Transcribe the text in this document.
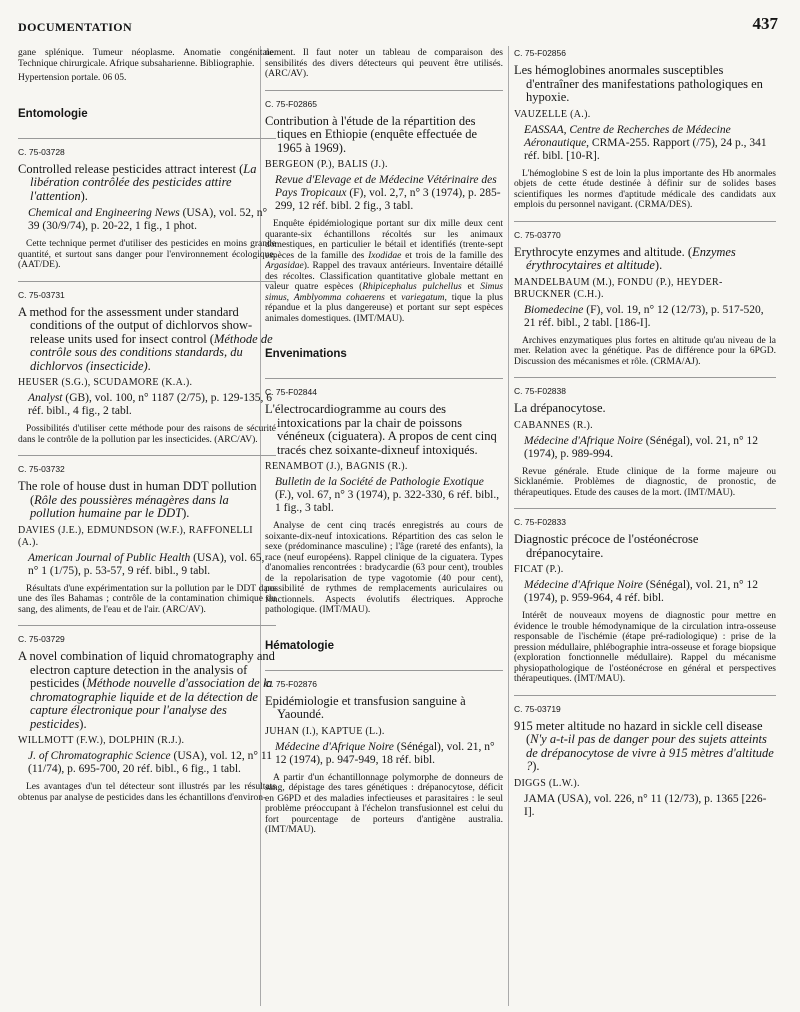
DOCUMENTATION	437

gane splénique. Tumeur néoplasme. Anomatie congénitale. Technique chirurgicale. Afrique subsaharienne. Bibliographie.

Hypertension portale. 06 05.

Entomologie
C. 75-03728
Controlled release pesticides attract interest (La libération contrôlée des pesticides attire l'attention).
Chemical and Engineering News (USA), vol. 52, n° 39 (30/9/74), p. 20-22, 1 fig., 1 phot.

Cette technique permet d'utiliser des pesticides en moins grande quantité, et surtout sans danger pour l'environnement écologique. (AAT/DE).

C. 75-03731
A method for the assessment under standard conditions of the output of dichlorvos show-release units used for insect control (Méthode de contrôle sous des conditions standards, du dichlorvos (insecticide).
HEUSER (S.G.), SCUDAMORE (K.A.).
Analyst (GB), vol. 100, n° 1187 (2/75), p. 129-135, 6 réf. bibl., 4 fig., 2 tabl.

Possibilités d'utiliser cette méthode pour des raisons de sécurité dans le contrôle de la pollution par les insecticides. (ARC/AV).

C. 75-03732
The role of house dust in human DDT pollution (Rôle des poussières ménagères dans la pollution humaine par le DDT).
DAVIES (J.E.), EDMUNDSON (W.F.), RAFFONELLI (A.).
American Journal of Public Health (USA), vol. 65, n° 1 (1/75), p. 53-57, 9 réf. bibl., 9 tabl.

Résultats d'une expérimentation sur la pollution par le DDT dans une des îles Bahamas ; contrôle de la contamination chimique du sang, des aliments, de l'eau et de l'air. (ARC/AV).

C. 75-03729
A novel combination of liquid chromatography and electron capture detection in the analysis of pesticides (Méthode nouvelle d'association de la chromatographie liquide et de la détection de capture électronique pour l'analyse des pesticides).
WILLMOTT (F.W.), DOLPHIN (R.J.).
J. of Chromatographic Science (USA), vol. 12, n° 11 (11/74), p. 695-700, 20 réf. bibl., 6 fig., 1 tabl.

Les avantages d'un tel détecteur sont illustrés par les résultats obtenus par analyse de pesticides dans les échantillons d'environ-

nement. Il faut noter un tableau de comparaison des sensibilités des divers détecteurs qui peuvent être utilisés. (ARC/AV).

C. 75-F02865
Contribution à l'étude de la répartition des tiques en Ethiopie (enquête effectuée de 1965 à 1969).
BERGEON (P.), BALIS (J.).
Revue d'Elevage et de Médecine Vétérinaire des Pays Tropicaux (F), vol. 2,7, n° 3 (1974), p. 285-299, 12 réf. bibl. 2 fig., 3 tabl.

Enquête épidémiologique portant sur dix mille deux cent quarante-six échantillons récoltés sur les animaux domestiques, en particulier le bétail et identifiés (trente-sept espèces de la famille des Ixodidae et trois de la famille des Argasidae). Rappel des travaux antérieurs. Inventaire détaillé des récoltes. Classification quantitative globale mettant en valeur quatre espèces (Rhipicephalus pulchellus et Simus simus, Amblyomma cohaerens et variegatum, tique la plus répandue et la plus dangereuse) et portant sur sept espèces animales domestiques. (IMT/MAU).

Envenimations
C. 75-F02844
L'électrocardiogramme au cours des intoxications par la chair de poissons vénéneux (ciguatera). A propos de cent cinq tracés chez soixante-dixneuf intoxiqués.
RENAMBOT (J.), BAGNIS (R.).
Bulletin de la Société de Pathologie Exotique (F.), vol. 67, n° 3 (1974), p. 322-330, 6 réf. bibl., 1 fig., 3 tabl.

Analyse de cent cinq tracés enregistrés au cours de soixante-dix-neuf intoxications. Répartition des cas selon le sexe (prédominance masculine) ; l'âge (rareté des enfants), la race (neuf européens). Rappel clinique de la ciguatera. Types d'anomalies rencontrées : bradycardie (63 pour cent), troubles de la repolarisation de type vagotomie (40 pour cent), possibilité de rythmes de remplacements auriculaires ou fonctionnels. Aspects évolutifs électriques. Approche pathologique. (IMT/MAU).

Hématologie
C. 75-F02876
Epidémiologie et transfusion sanguine à Yaoundé.
JUHAN (I.), KAPTUE (L.).
Médecine d'Afrique Noire (Sénégal), vol. 21, n° 12 (1974), p. 947-949, 18 réf. bibl.

A partir d'un échantillonnage polymorphe de donneurs de sang, dépistage des tares génétiques : drépanocytose, déficit en G6PD et des maladies infectieuses et parasitaires : le seul problème préoccupant à l'échelon transfusionnel est celui du fort pourcentage de porteurs d'antigène australia. (IMT/MAU).

C. 75-F02856
Les hémoglobines anormales susceptibles d'entraîner des manifestations pathologiques en hypoxie.
VAUZELLE (A.).
EASSAA, Centre de Recherches de Médecine Aéronautique, CRMA-255. Rapport (/75), 24 p., 341 réf. bibl. [10-R].

L'hémoglobine S est de loin la plus importante des Hb anormales objets de cette étude destinée à définir sur de solides bases scientifiques les normes d'aptitude médicale des candidats aux emplois du personnel navigant. (CRMA/DES).

C. 75-03770
Erythrocyte enzymes and altitude. (Enzymes érythrocytaires et altitude).
MANDELBAUM (M.), FONDU (P.), HEYDER-BRUCKNER (C.H.).
Biomedecine (F), vol. 19, n° 12 (12/73), p. 517-520, 21 réf. bibl., 2 tabl. [186-I].

Archives enzymatiques plus fortes en altitude qu'au niveau de la mer. Relation avec la génétique. Pas de différence pour la 6PGD. Discussion des mécanismes et rôle. (CRMA/AJ).

C. 75-F02838
La drépanocytose.
CABANNES (R.).
Médecine d'Afrique Noire (Sénégal), vol. 21, n° 12 (1974), p. 989-994.

Revue générale. Etude clinique de la forme majeure ou Sicklanémie. Problèmes de diagnostic, de pronostic, de thérapeutiques. Etude des causes de la mort. (IMT/MAU).

C. 75-F02833
Diagnostic précoce de l'ostéonécrose drépanocytaire.
FICAT (P.).
Médecine d'Afrique Noire (Sénégal), vol. 21, n° 12 (1974), p. 959-964, 4 réf. bibl.

Intérêt de nouveaux moyens de diagnostic pour mettre en évidence le trouble hémodynamique de la circulation intra-osseuse responsable de l'ischémie (étape pré-radiologique) : prise de la pression médullaire, phlébographie intra-osseuse et forage biopsique (exploration fonctionnelle médullaire). Rappel du mécanisme physiopathologique de l'ostéonécrose en général et perspectives thérapeutiques. (IMT/MAU).

C. 75-03719
915 meter altitude no hazard in sickle cell disease (N'y a-t-il pas de danger pour des sujets atteints de drépanocytose de vivre à 915 mètres d'altitude ?).
DIGGS (L.W.).
JAMA (USA), vol. 226, n° 11 (12/73), p. 1365 [226-I].
